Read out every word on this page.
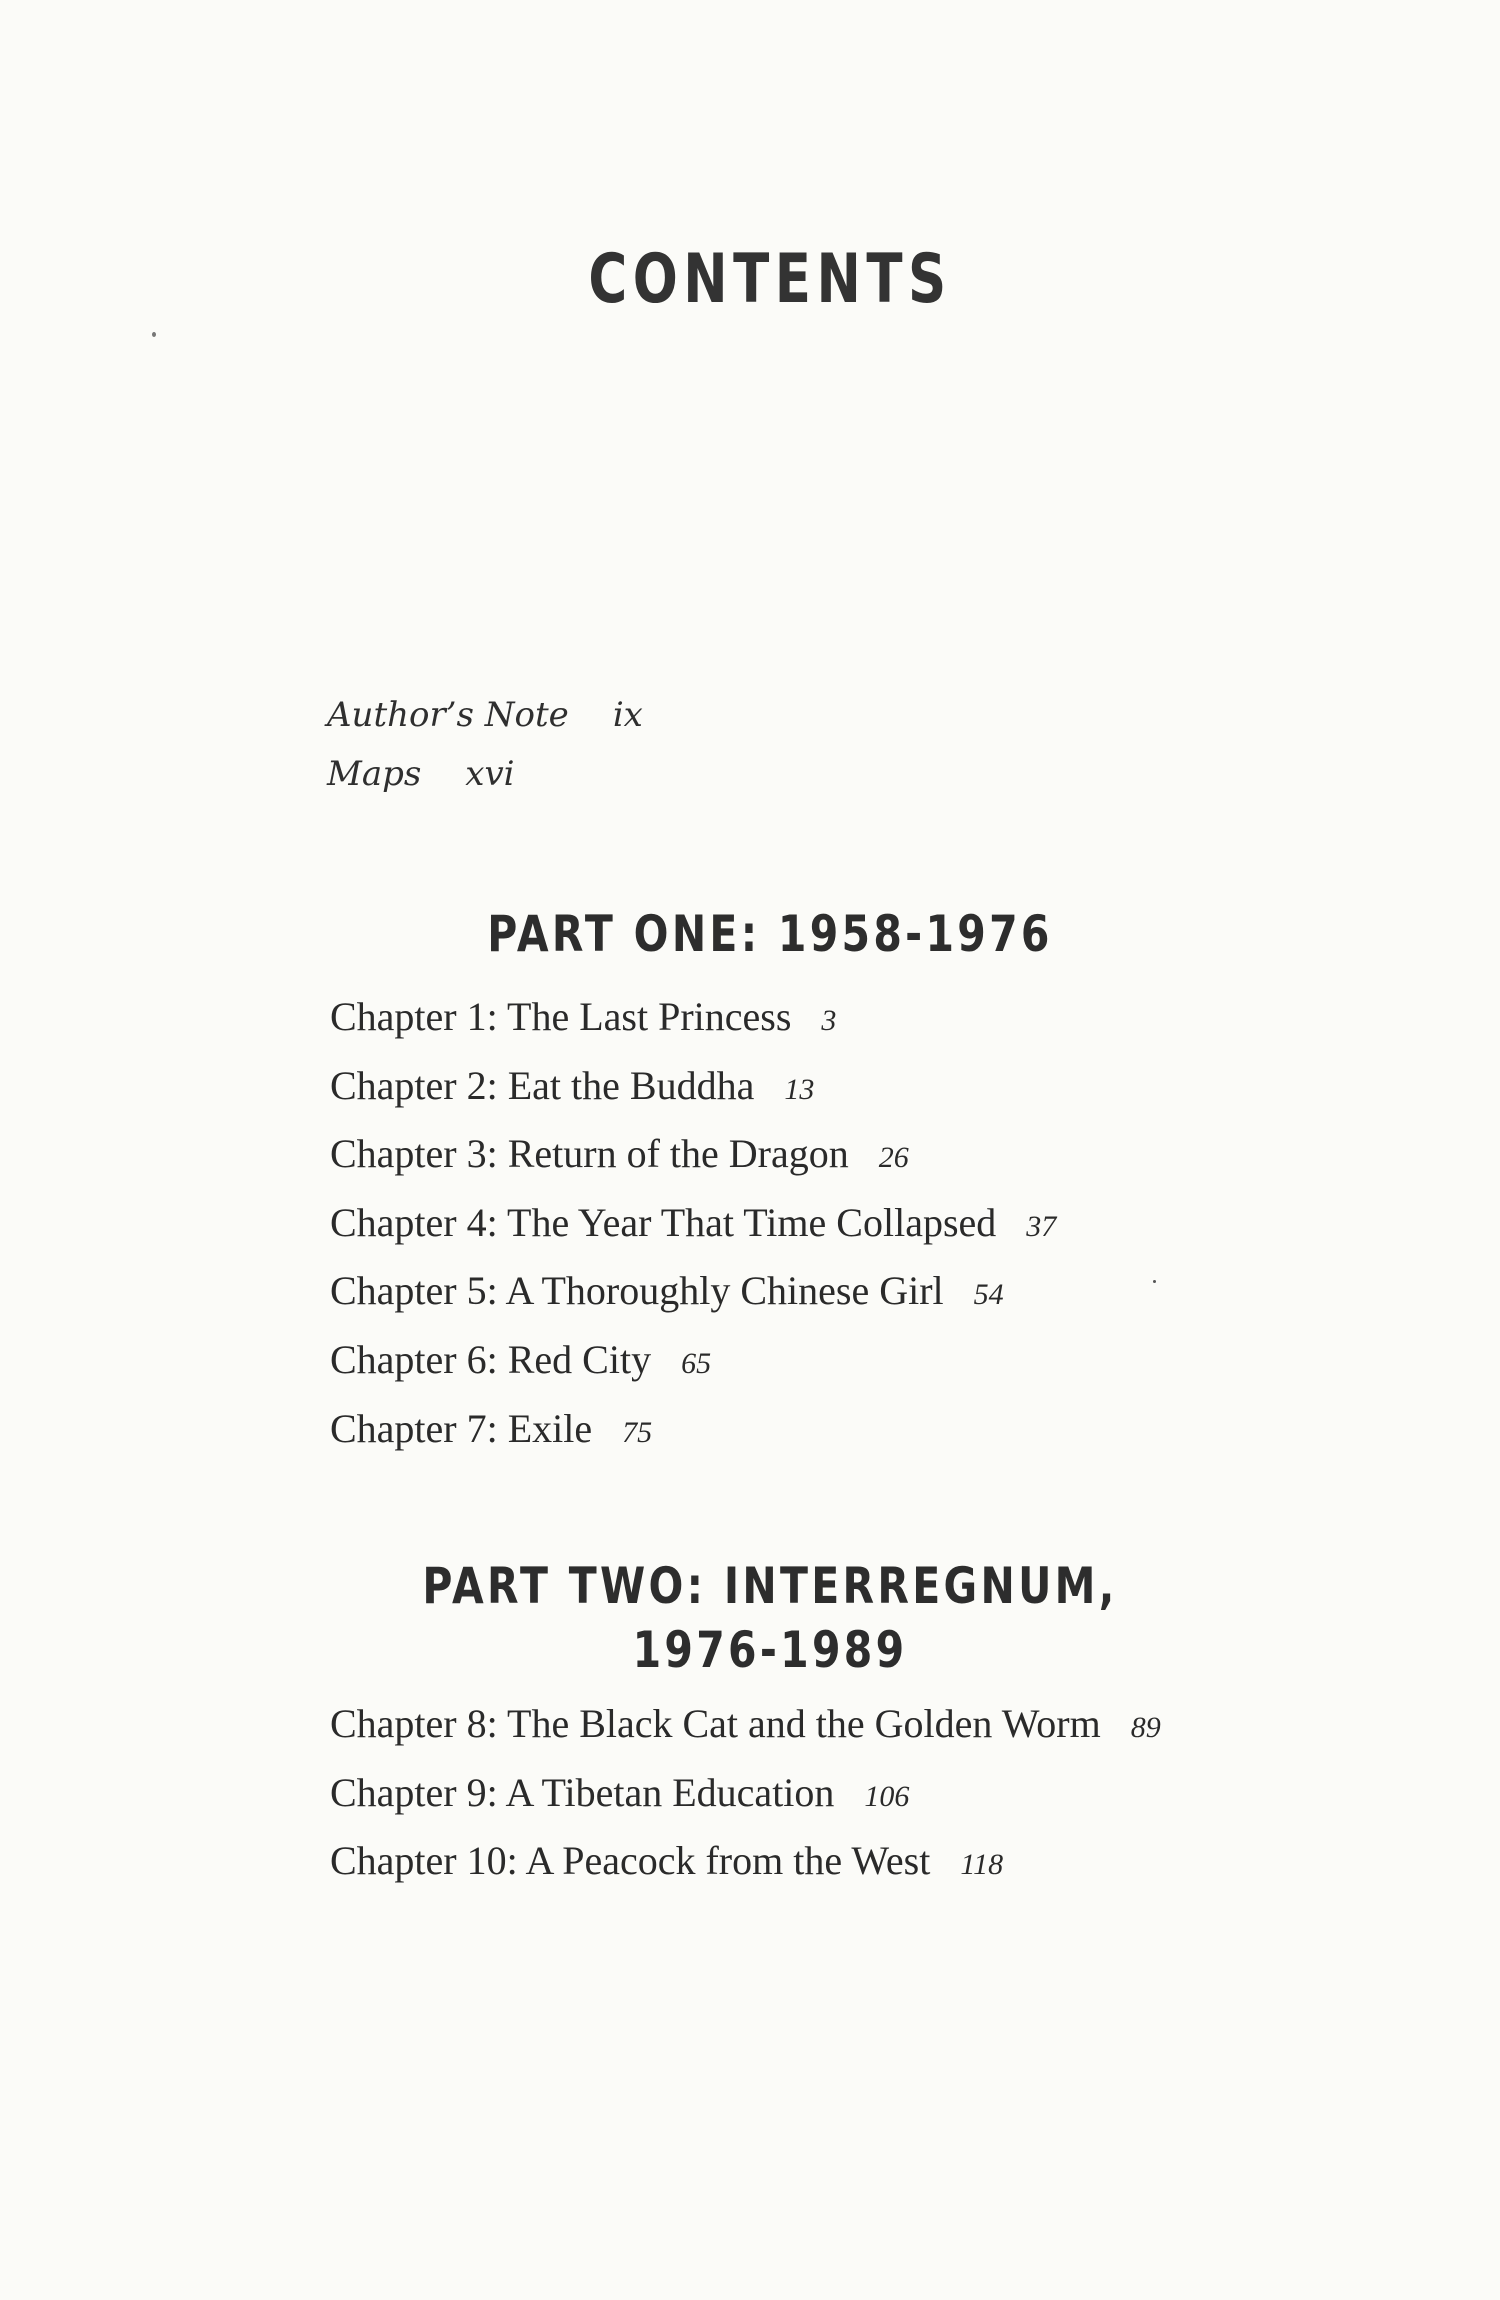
CONTENTS
Author’s Note ix
Maps xvi
PART ONE: 1958-1976
Chapter 1: The Last Princess 3
Chapter 2: Eat the Buddha 13
Chapter 3: Return of the Dragon 26
Chapter 4: The Year That Time Collapsed 37
Chapter 5: A Thoroughly Chinese Girl 54
Chapter 6: Red City 65
Chapter 7: Exile 75
PART TWO: INTERREGNUM,
1976-1989
Chapter 8: The Black Cat and the Golden Worm 89
Chapter 9: A Tibetan Education 106
Chapter 10: A Peacock from the West 118
